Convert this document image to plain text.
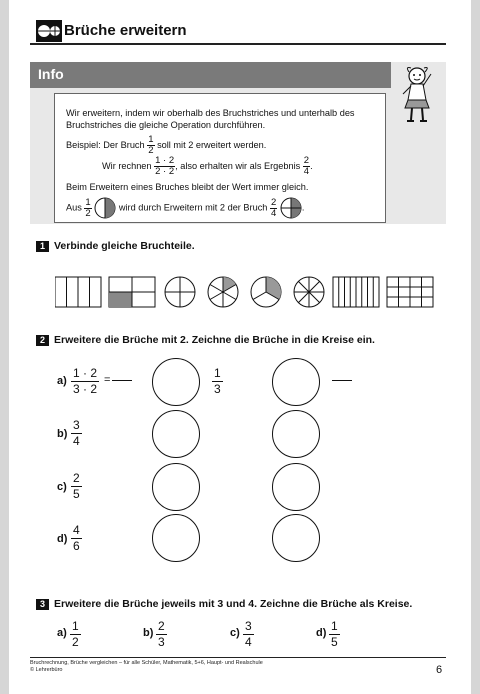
Brüche erweitern
Info
Wir erweitern, indem wir oberhalb des Bruchstriches und unterhalb des
Bruchstriches die gleiche Operation durchführen.
Beispiel: Der Bruch $\frac{1}{2}$ soll mit 2 erweitert werden.
Wir rechnen $\frac{1 \cdot 2}{2 \cdot 2}$ , also erhalten wir als Ergebnis $\frac{2}{4}$ .
Beim Erweitern eines Bruches bleibt der Wert immer gleich.
Aus $\frac{1}{2}$	wird durch Erweitern mit 2 der Bruch $\frac{2}{4}$	.
1 Verbinde gleiche Bruchteile.
2 Erweitere die Brüche mit 2. Zeichne die Brüche in die Kreise ein.
a)
1 · 2
3 · 2
=	1
3
b)
3
4
c)
2
5
d)
4
6
3 Erweitere die Brüche jeweils mit 3 und 4. Zeichne die Brüche als Kreise.
a) 1
2
b) 2
3
c) 3
4
d) 1
5
Bruchrechnung, Brüche vergleichen – für alle Schüler, Mathematik, 5+6, Haupt- und Realschule
© Lehrerbüro	6
